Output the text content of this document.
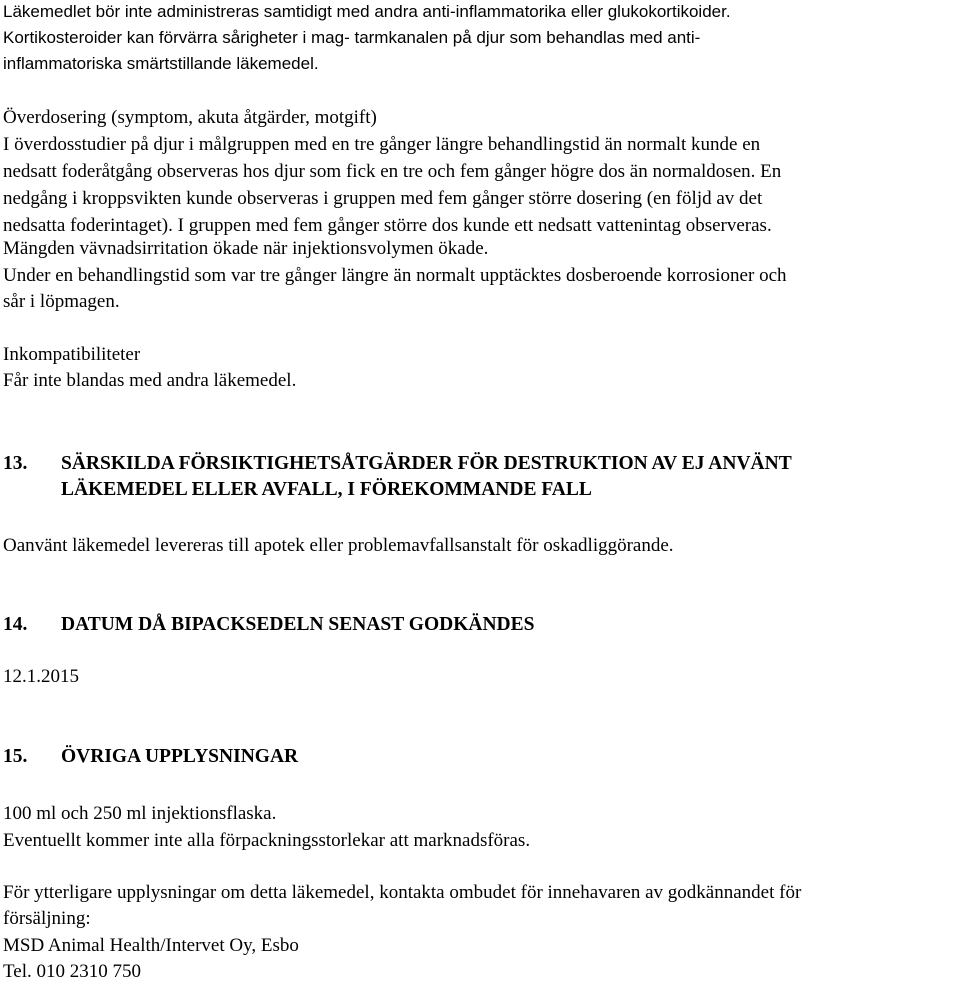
Läkemedlet bör inte administreras samtidigt med andra anti-inflammatorika eller glukokortikoider.
Kortikosteroider kan förvärra sårigheter i mag- tarmkanalen på djur som behandlas med anti-
inflammatoriska smärtstillande läkemedel.
Överdosering (symptom, akuta åtgärder, motgift)
I överdosstudier på djur i målgruppen med en tre gånger längre behandlingstid än normalt kunde en
nedsatt foderåtgång observeras hos djur som fick en tre och fem gånger högre dos än normaldosen. En
nedgång i kroppsvikten kunde observeras i gruppen med fem gånger större dosering (en följd av det
nedsatta foderintaget). I gruppen med fem gånger större dos kunde ett nedsatt vattenintag observeras.
Mängden vävnadsirritation ökade när injektionsvolymen ökade.
Under en behandlingstid som var tre gånger längre än normalt upptäcktes dosberoende korrosioner och
sår i löpmagen.
Inkompatibiliteter
Får inte blandas med andra läkemedel.
13. SÄRSKILDA FÖRSIKTIGHETSÅTGÄRDER FÖR DESTRUKTION AV EJ ANVÄNT
LÄKEMEDEL ELLER AVFALL, I FÖREKOMMANDE FALL
Oanvänt läkemedel levereras till apotek eller problemavfallsanstalt för oskadliggörande.
14. DATUM DÅ BIPACKSEDELN SENAST GODKÄNDES
12.1.2015
15. ÖVRIGA UPPLYSNINGAR
100 ml och 250 ml injektionsflaska.
Eventuellt kommer inte alla förpackningsstorlekar att marknadsföras.
För ytterligare upplysningar om detta läkemedel, kontakta ombudet för innehavaren av godkännandet för
försäljning:
MSD Animal Health/Intervet Oy, Esbo
Tel. 010 2310 750
